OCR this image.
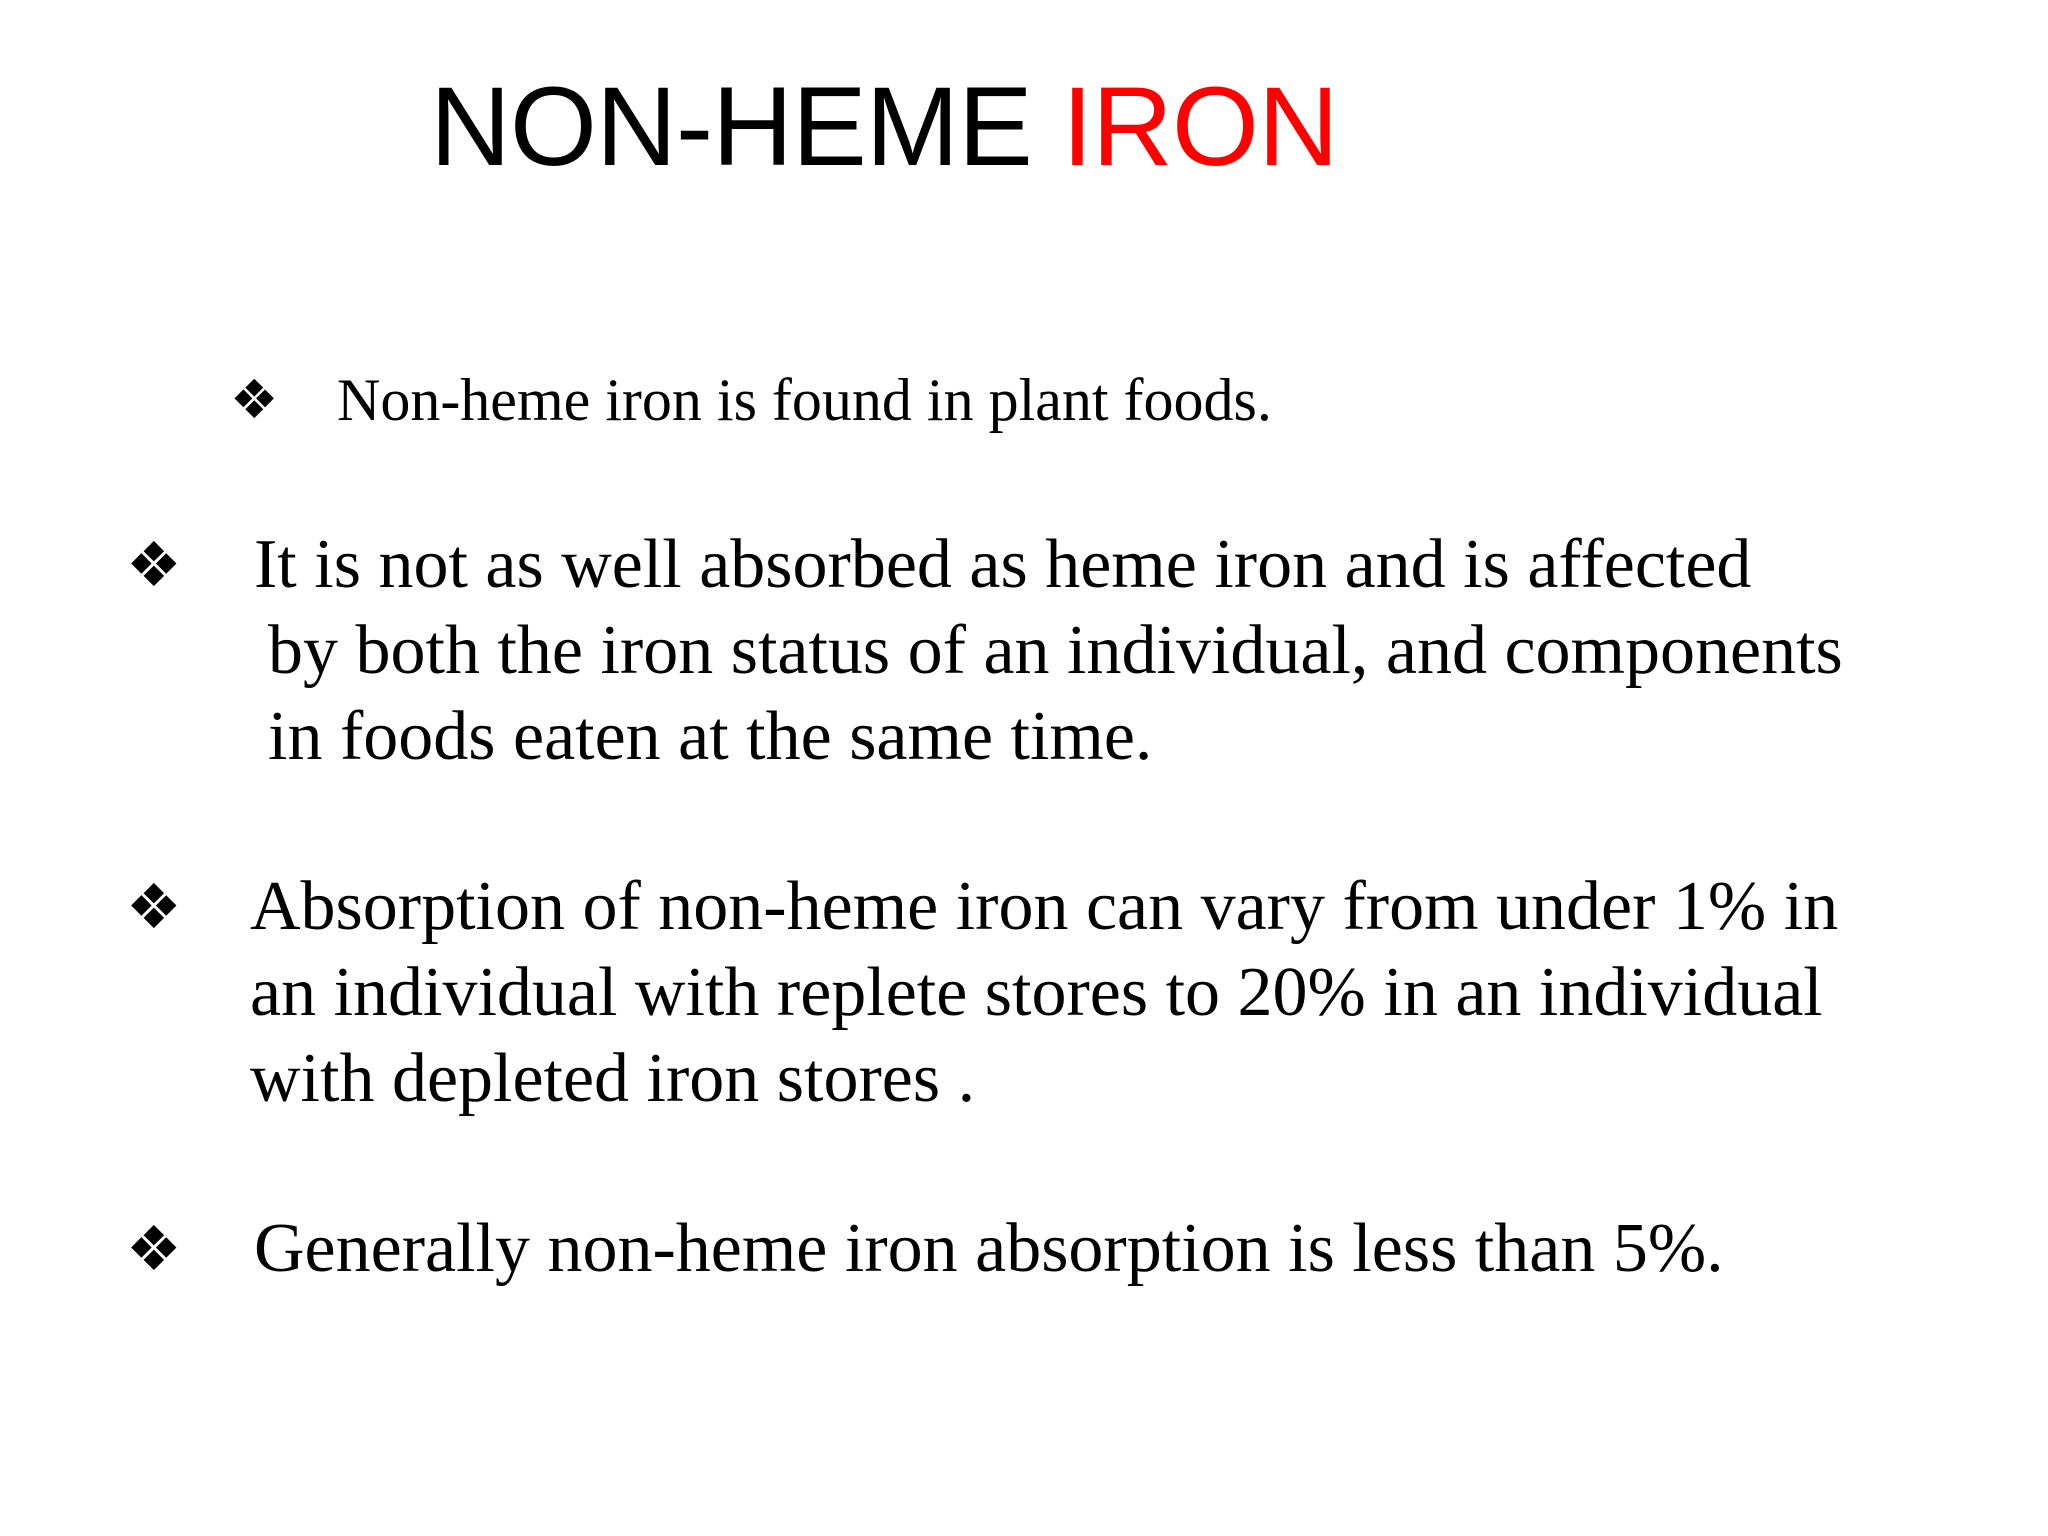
NON-HEME IRON
❖ Non-heme iron is found in plant foods.
❖ It is not as well absorbed as heme iron and is affected
by both the iron status of an individual, and components
in foods eaten at the same time.
❖ Absorption of non-heme iron can vary from under 1% in
an individual with replete stores to 20% in an individual
with depleted iron stores .
❖ Generally non-heme iron absorption is less than 5%.
